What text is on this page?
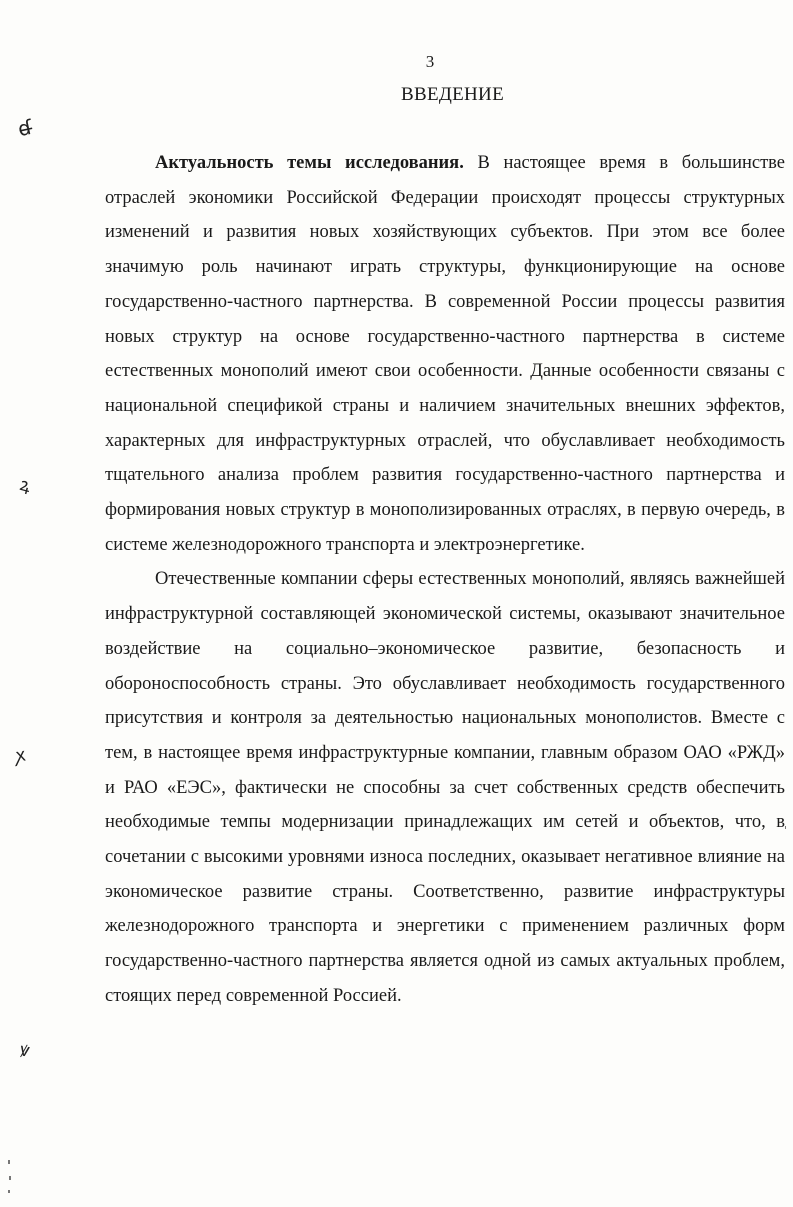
3
ВВЕДЕНИЕ

Актуальность темы исследования. В настоящее время в большинстве отраслей экономики Российской Федерации происходят процессы структурных изменений и развития новых хозяйствующих субъектов. При этом все более значимую роль начинают играть структуры, функционирующие на основе государственно-частного партнерства. В современной России процессы развития новых структур на основе государственно-частного партнерства в системе естественных монополий имеют свои особенности. Данные особенности связаны с национальной спецификой страны и наличием значительных внешних эффектов, характерных для инфраструктурных отраслей, что обуславливает необходимость тщательного анализа проблем развития государственно-частного партнерства и формирования новых структур в монополизированных отраслях, в первую очередь, в системе железнодорожного транспорта и электроэнергетике.

Отечественные компании сферы естественных монополий, являясь важнейшей инфраструктурной составляющей экономической системы, оказывают значительное воздействие на социально–экономическое развитие, безопасность и обороноспособность страны. Это обуславливает необходимость государственного присутствия и контроля за деятельностью национальных монополистов. Вместе с тем, в настоящее время инфраструктурные компании, главным образом ОАО «РЖД» и РАО «ЕЭС», фактически не способны за счет собственных средств обеспечить необходимые темпы модернизации принадлежащих им сетей и объектов, что, в сочетании с высокими уровнями износа последних, оказывает негативное влияние на экономическое развитие страны. Соответственно, развитие инфраструктуры железнодорожного транспорта и энергетики с применением различных форм государственно-частного партнерства является одной из самых актуальных проблем, стоящих перед современной Россией.

ɗ̶
ꝝ
ꭗ
ꝟ
